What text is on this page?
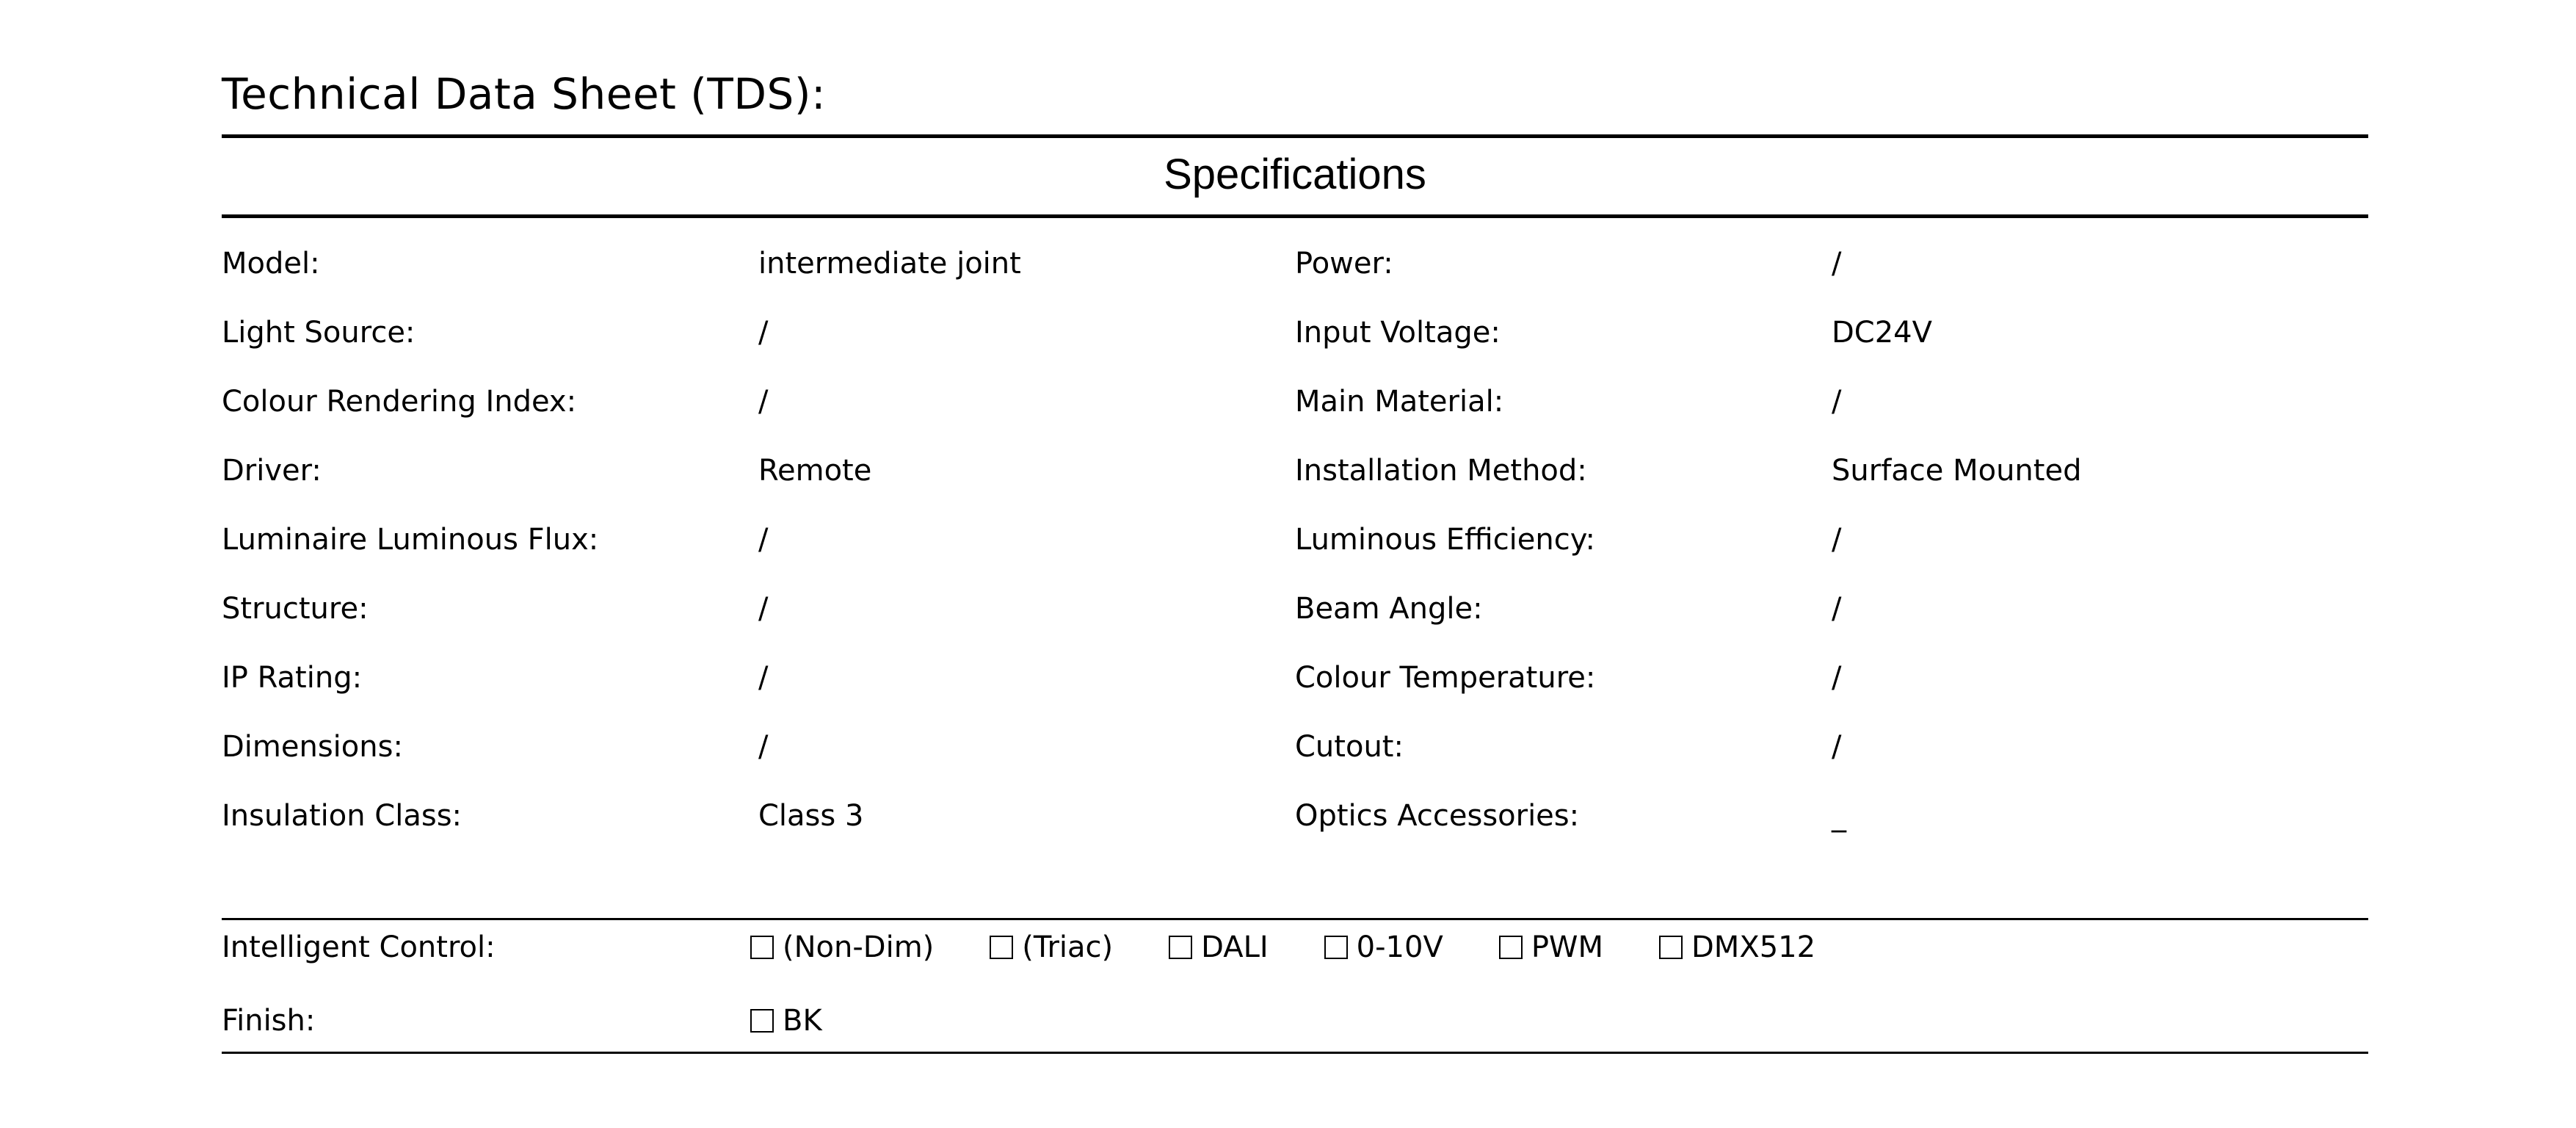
Technical Data Sheet (TDS):
Specifications
Model:	intermediate joint	Power:	/
Light Source:	/	Input Voltage:	DC24V
Colour Rendering Index:	/	Main Material:	/
Driver:	Remote	Installation Method:	Surface Mounted
Luminaire Luminous Flux:	/	Luminous Efficiency:	/
Structure:	/	Beam Angle:	/
IP Rating:	/	Colour Temperature:	/
Dimensions:	/	Cutout:	/
Insulation Class:	Class 3	Optics Accessories:	_
Intelligent Control:	(Non-Dim)	(Triac)	DALI	0-10V	PWM	DMX512
Finish:	BK
